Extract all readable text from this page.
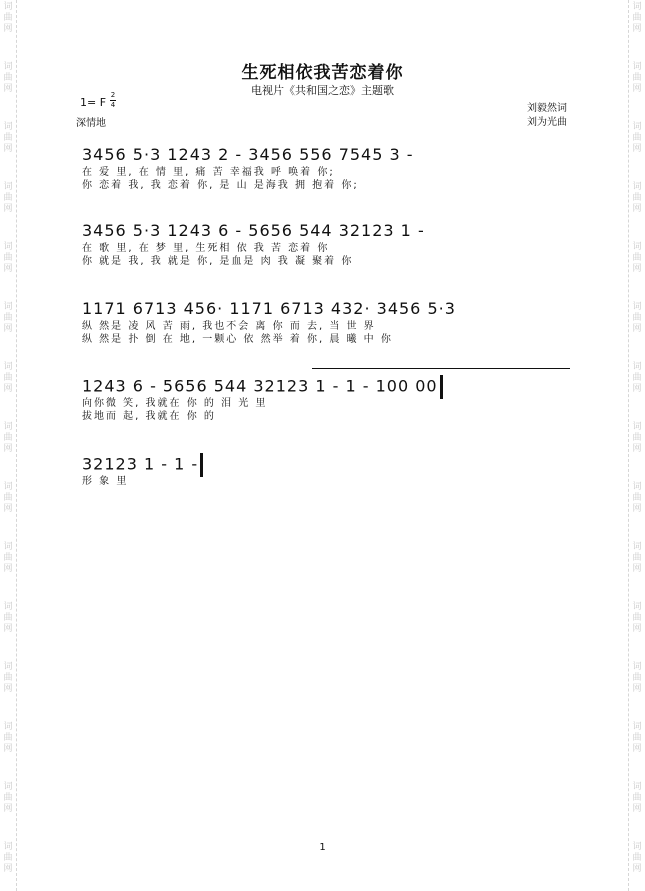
词
曲
网
词
曲
网
词
曲
网
词
曲
网
词
曲
网
词
曲
网
词
曲
网
词
曲
网
词
曲
网
词
曲
网
词
曲
网
词
曲
网
词
曲
网
词
曲
网
词
曲
网
词
曲
网
词
曲
网
词
曲
网
词
曲
网
词
曲
网
词
曲
网
词
曲
网
词
曲
网
词
曲
网
词
曲
网
词
曲
网
词
曲
网
词
曲
网
词
曲
网
词
曲
网
生死相依我苦恋着你
电视片《共和国之恋》主题歌
1= F
2
4
深情地
刘毅然词
刘为光曲
3456 5·3 1243 2 - 3456 556 7545 3 -
在 爱 里, 在 情 里, 痛 苦 幸福我 呼 唤着 你;
你 恋着 我, 我 恋着 你, 是 山 是海我 拥 抱着 你;
3456 5·3 1243 6 - 5656 544 32123 1 -
在 歌 里, 在 梦 里, 生死相 依 我 苦 恋着 你
你 就是 我, 我 就是 你, 是血是 肉 我 凝 聚着 你
1171 6713 456· 1171 6713 432· 3456 5·3
纵 然是 凌 风 苦 雨, 我也不会 离 你 而 去, 当 世 界
纵 然是 扑 倒 在 地, 一颗心 依 然举 着 你, 晨 曦 中 你
1243 6 - 5656 544 32123 1 - 1 - 100 00
向你微 笑, 我就在 你 的 泪 光 里
拔地而 起, 我就在 你 的
32123 1 - 1 -
形 象 里
1
